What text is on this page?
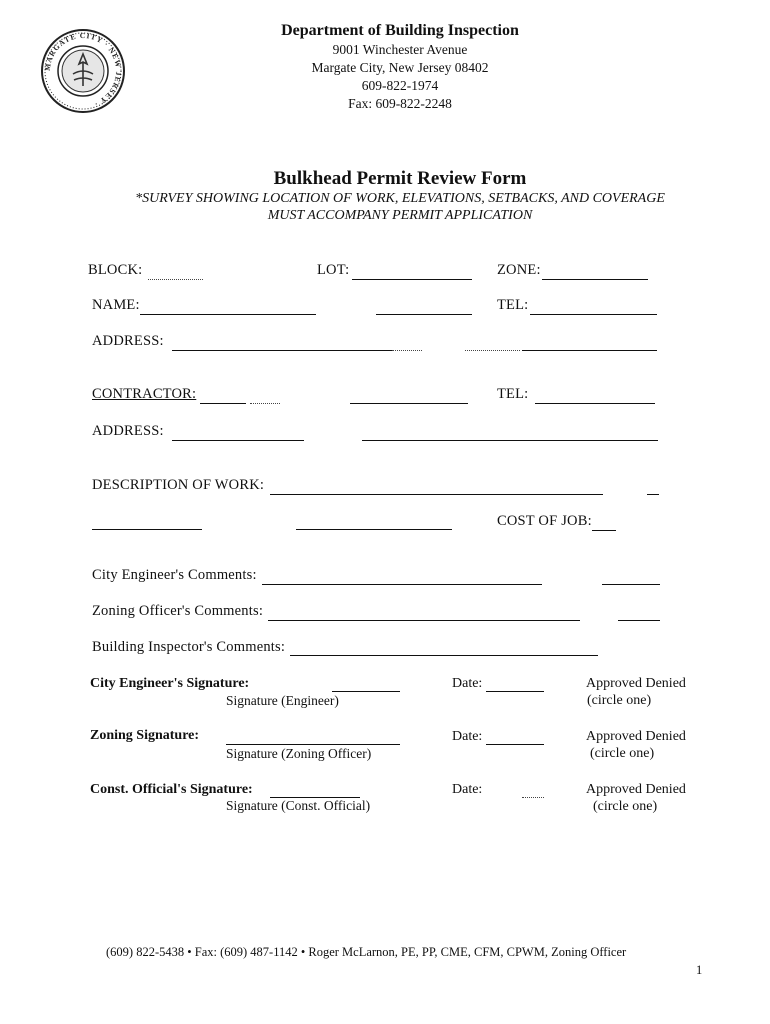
MARGATE CITY · NEW JERSEY ·
Department of Building Inspection
9001 Winchester Avenue
Margate City, New Jersey 08402
609-822-1974
Fax: 609-822-2248
Bulkhead Permit Review Form
*SURVEY SHOWING LOCATION OF WORK, ELEVATIONS, SETBACKS, AND COVERAGE
MUST ACCOMPANY PERMIT APPLICATION
BLOCK:	LOT:	ZONE:
NAME:	TEL:
ADDRESS:
CONTRACTOR:	TEL:
ADDRESS:
DESCRIPTION OF WORK:
COST OF JOB:
City Engineer's Comments:
Zoning Officer's Comments:
Building Inspector's Comments:
City Engineer's Signature:
Signature (Engineer)
Date:	Approved Denied
(circle one)
Zoning Signature:
Signature (Zoning Officer)
Date:	Approved Denied
(circle one)
Const. Official's Signature:
Signature (Const. Official)
Date:	Approved Denied
(circle one)
(609) 822-5438 • Fax: (609) 487-1142 • Roger McLarnon, PE, PP, CME, CFM, CPWM, Zoning Officer
1
